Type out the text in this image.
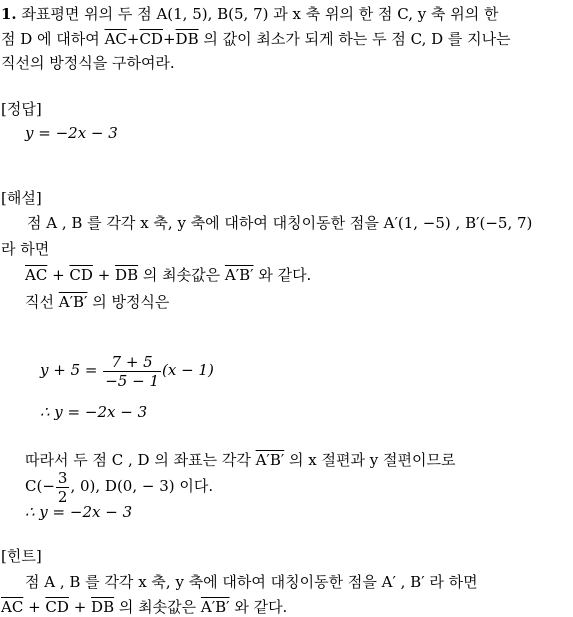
1. 좌표평면 위의 두 점 A(1, 5), B(5, 7) 과 x 축 위의 한 점 C, y 축 위의 한
점 D 에 대하여 $\overline{AC}+\overline{CD}+\overline{DB}$ 의 값이 최소가 되게 하는 두 점 C, D 를 지나는
직선의 방정식을 구하여라.
[정답]
y = −2x − 3
[해설]
점 A , B 를 각각 x 축, y 축에 대하여 대칭이동한 점을 A′(1, −5) , B′(−5, 7)
라 하면
$\overline{AC} + \overline{CD} + \overline{DB}$ 의 최솟값은 A′B′ 와 같다.
직선 A′B′ 의 방정식은
$y + 5 = \frac{7 + 5}{-5 - 1} (x - 1)$
∴ y = −2x − 3
따라서 두 점 C , D 의 좌표는 각각 A′B′ 의 x 절편과 y 절편이므로
$C(- \frac{3}{2}$ , 0), D(0, − 3) 이다.
∴ y = −2x − 3
[힌트]
점 A , B 를 각각 x 축, y 축에 대하여 대칭이동한 점을 A′ , B′ 라 하면
$\overline{AC} + \overline{CD} + \overline{DB}$ 의 최솟값은 A′B′ 와 같다.
